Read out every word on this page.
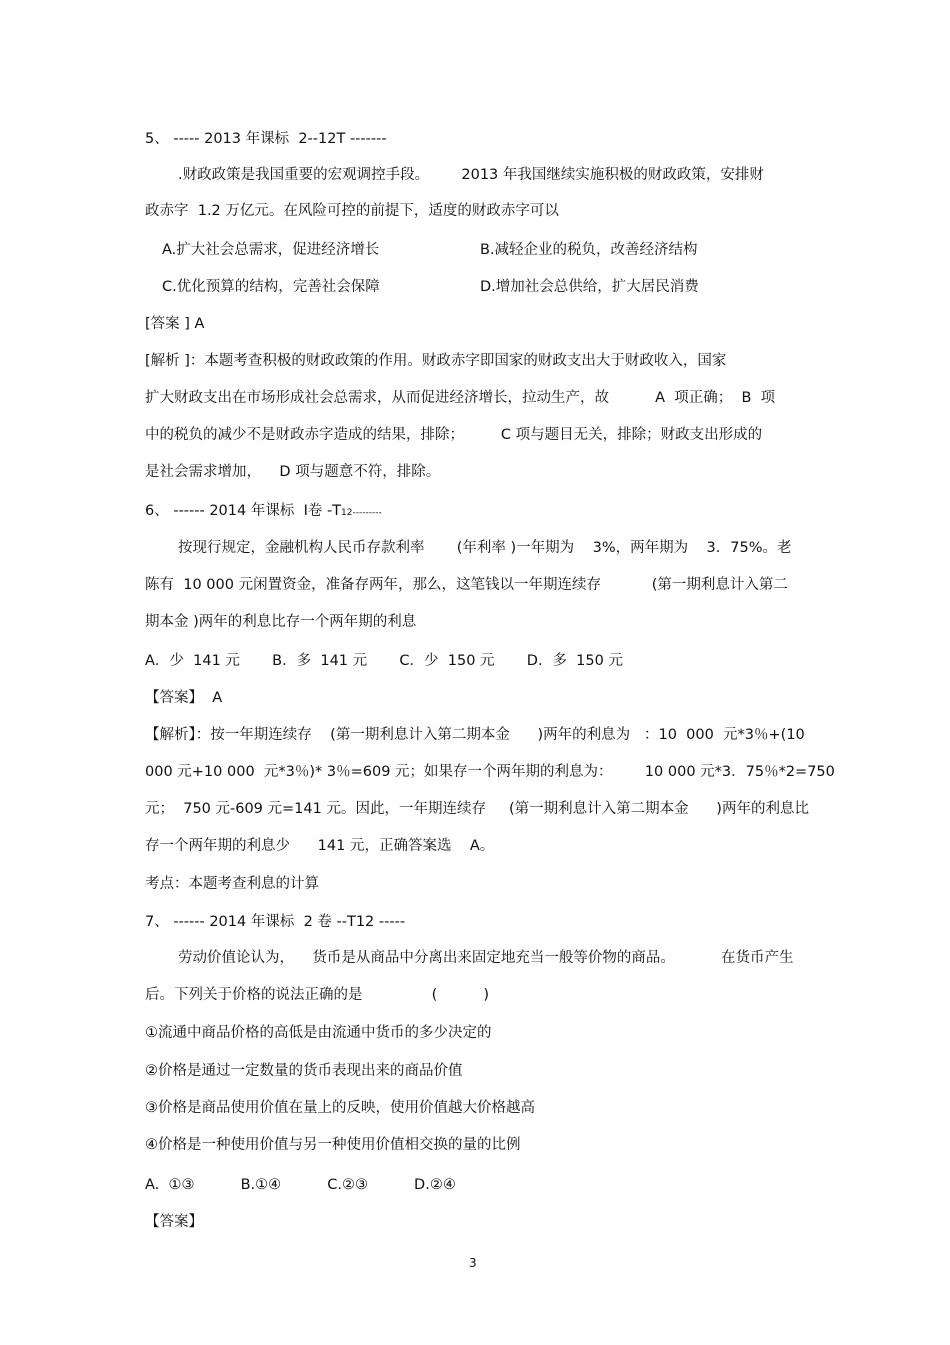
5、 ----- 2013 年课标  2--12T -------
.财政政策是我国重要的宏观调控手段。       2013 年我国继续实施积极的财政政策，安排财
政赤字  1.2 万亿元。在风险可控的前提下，适度的财政赤字可以
A.扩大社会总需求，促进经济增长	B.减轻企业的税负，改善经济结构
C.优化预算的结构，完善社会保障	D.增加社会总供给，扩大居民消费
[答案 ] A
[解析 ]：本题考查积极的财政政策的作用。财政赤字即国家的财政支出大于财政收入，国家
扩大财政支出在市场形成社会总需求，从而促进经济增长，拉动生产，故          A  项正确；  B  项
中的税负的减少不是财政赤字造成的结果，排除；        C 项与题目无关，排除；财政支出形成的
是社会需求增加，    D 项与题意不符，排除。
6、 ------ 2014 年课标  Ⅰ卷 -T12---------
按现行规定，金融机构人民币存款利率       (年利率 )一年期为    3%，两年期为    3．75%。老
陈有  10 000 元闲置资金，准备存两年，那么，这笔钱以一年期连续存           (第一期利息计入第二
期本金 )两年的利息比存一个两年期的利息
A．少  141 元       B．多  141 元       C．少  150 元       D．多  150 元
【答案】  A
【解析】：按一年期连续存    (第一期利息计入第二期本金      )两年的利息为   ：10  000  元*3％+(10
000 元+10 000  元*3％)* 3％=609 元；如果存一个两年期的利息为：       10 000 元*3．75％*2=750
元；  750 元-609 元=141 元。因此，一年期连续存     (第一期利息计入第二期本金      )两年的利息比
存一个两年期的利息少      141 元，正确答案选    A。
考点：本题考查利息的计算
7、 ------ 2014 年课标  2 卷 --T12 -----
劳动价值论认为，    货币是从商品中分离出来固定地充当一般等价物的商品。          在货币产生
后。下列关于价格的说法正确的是               (          )
①流通中商品价格的高低是由流通中货币的多少决定的
②价格是通过一定数量的货币表现出来的商品价值
③价格是商品使用价值在量上的反映，使用价值越大价格越高
④价格是一种使用价值与另一种使用价值相交换的量的比例
A.  ①③          B.①④          C.②③          D.②④
【答案】
3
